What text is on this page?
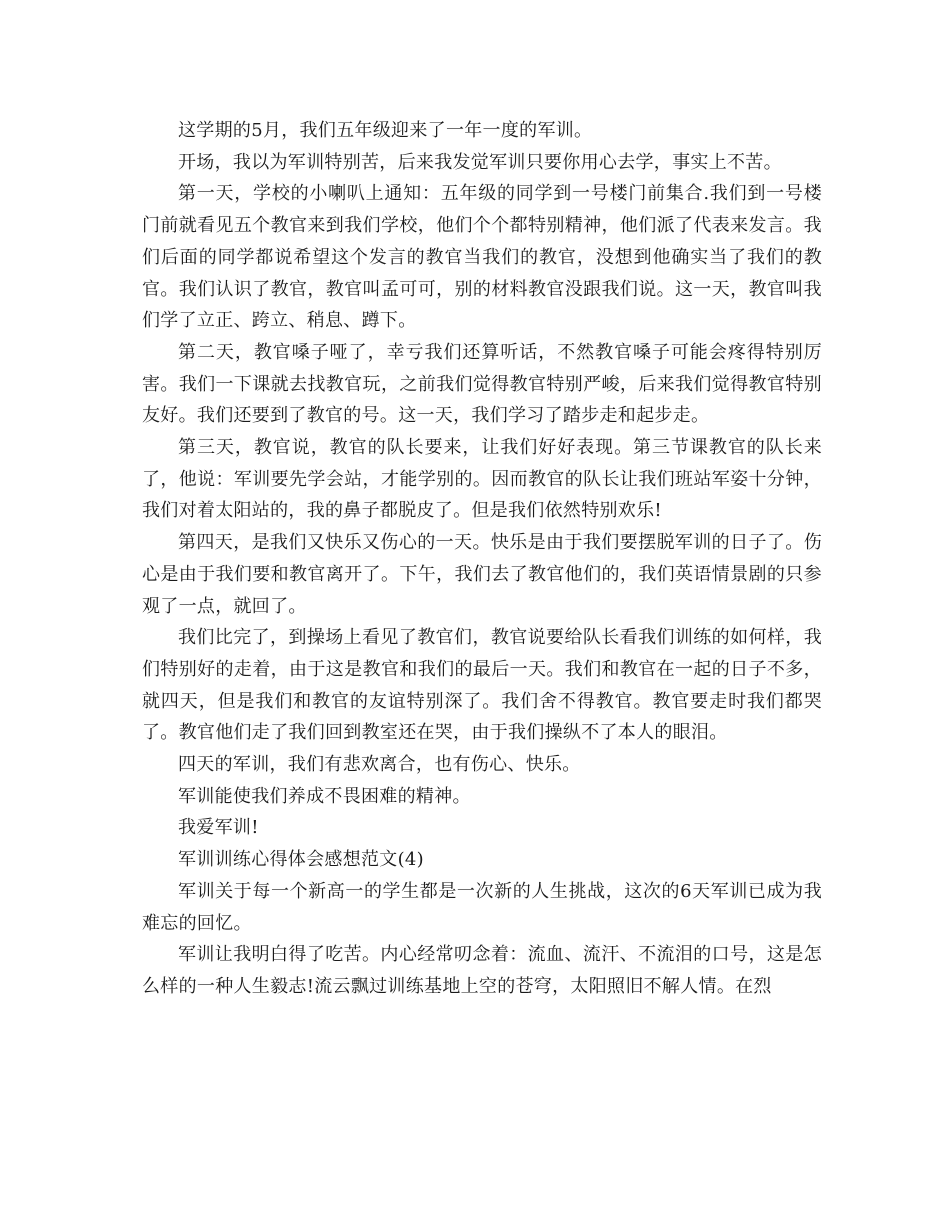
这学期的5月，我们五年级迎来了一年一度的军训。

开场，我以为军训特别苦，后来我发觉军训只要你用心去学，事实上不苦。

第一天，学校的小喇叭上通知：五年级的同学到一号楼门前集合.我们到一号楼门前就看见五个教官来到我们学校，他们个个都特别精神，他们派了代表来发言。我们后面的同学都说希望这个发言的教官当我们的教官，没想到他确实当了我们的教官。我们认识了教官，教官叫孟可可，别的材料教官没跟我们说。这一天，教官叫我们学了立正、跨立、稍息、蹲下。

第二天，教官嗓子哑了，幸亏我们还算听话，不然教官嗓子可能会疼得特别厉害。我们一下课就去找教官玩，之前我们觉得教官特别严峻，后来我们觉得教官特别友好。我们还要到了教官的号。这一天，我们学习了踏步走和起步走。

第三天，教官说，教官的队长要来，让我们好好表现。第三节课教官的队长来了，他说：军训要先学会站，才能学别的。因而教官的队长让我们班站军姿十分钟，我们对着太阳站的，我的鼻子都脱皮了。但是我们依然特别欢乐!

第四天，是我们又快乐又伤心的一天。快乐是由于我们要摆脱军训的日子了。伤心是由于我们要和教官离开了。下午，我们去了教官他们的，我们英语情景剧的只参观了一点，就回了。

我们比完了，到操场上看见了教官们，教官说要给队长看我们训练的如何样，我们特别好的走着，由于这是教官和我们的最后一天。我们和教官在一起的日子不多，就四天，但是我们和教官的友谊特别深了。我们舍不得教官。教官要走时我们都哭了。教官他们走了我们回到教室还在哭，由于我们操纵不了本人的眼泪。

四天的军训，我们有悲欢离合，也有伤心、快乐。

军训能使我们养成不畏困难的精神。

我爱军训!

军训训练心得体会感想范文(4)

军训关于每一个新高一的学生都是一次新的人生挑战，这次的6天军训已成为我难忘的回忆。

军训让我明白得了吃苦。内心经常叨念着：流血、流汗、不流泪的口号，这是怎么样的一种人生毅志!流云飘过训练基地上空的苍穹，太阳照旧不解人情。在烈
